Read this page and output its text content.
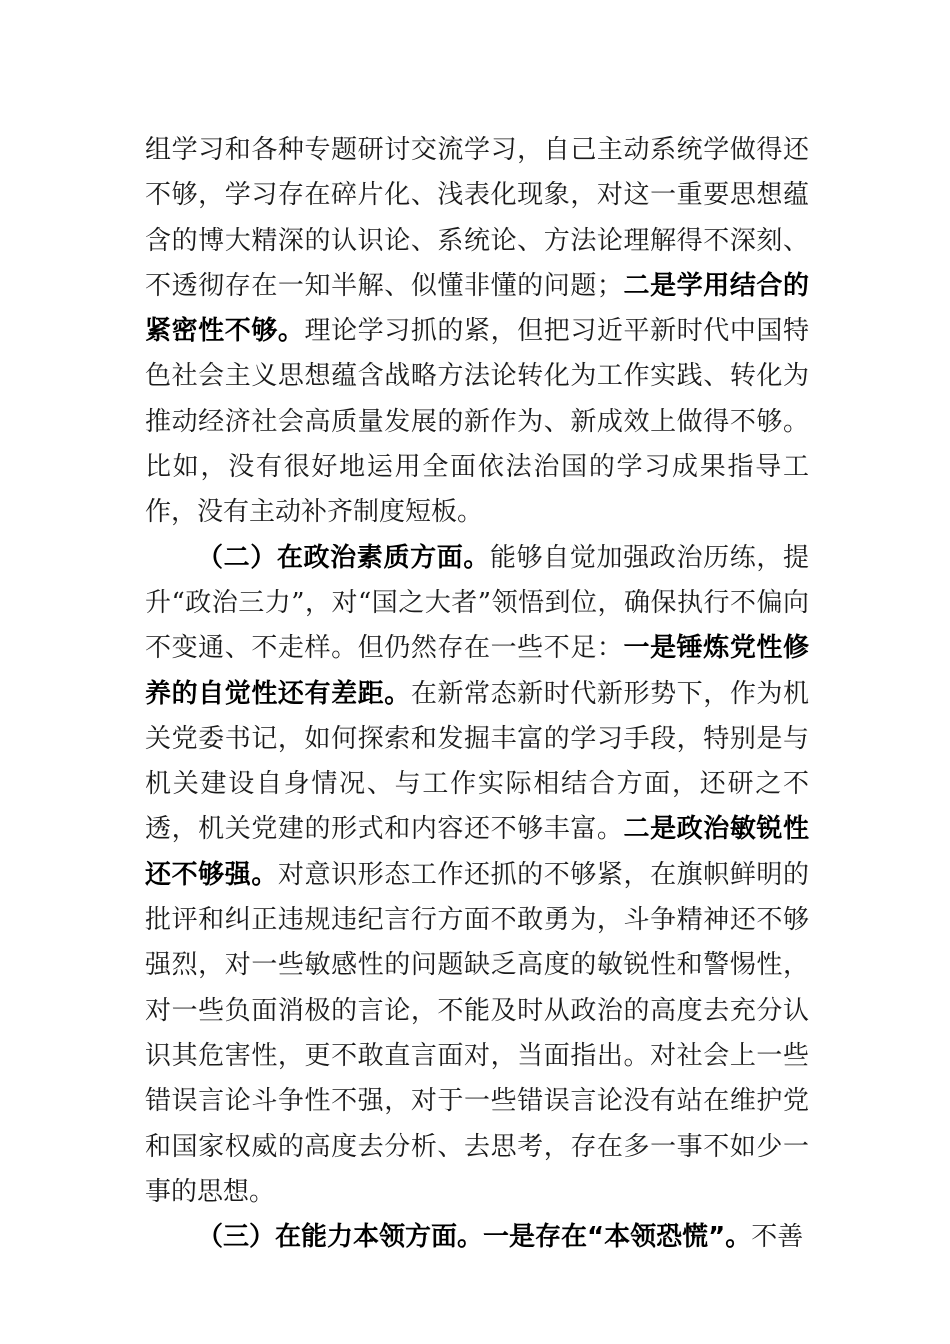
组学习和各种专题研讨交流学习，自己主动系统学做得还不够，学习存在碎片化、浅表化现象，对这一重要思想蕴含的博大精深的认识论、系统论、方法论理解得不深刻、不透彻存在一知半解、似懂非懂的问题；二是学用结合的紧密性不够。理论学习抓的紧，但把习近平新时代中国特色社会主义思想蕴含战略方法论转化为工作实践、转化为推动经济社会高质量发展的新作为、新成效上做得不够。比如，没有很好地运用全面依法治国的学习成果指导工作，没有主动补齐制度短板。

（二）在政治素质方面。能够自觉加强政治历练，提升“政治三力”，对“国之大者”领悟到位，确保执行不偏向不变通、不走样。但仍然存在一些不足：一是锤炼党性修养的自觉性还有差距。在新常态新时代新形势下，作为机关党委书记，如何探索和发掘丰富的学习手段，特别是与机关建设自身情况、与工作实际相结合方面，还研之不透，机关党建的形式和内容还不够丰富。二是政治敏锐性还不够强。对意识形态工作还抓的不够紧，在旗帜鲜明的批评和纠正违规违纪言行方面不敢勇为，斗争精神还不够强烈，对一些敏感性的问题缺乏高度的敏锐性和警惕性，对一些负面消极的言论，不能及时从政治的高度去充分认识其危害性，更不敢直言面对，当面指出。对社会上一些错误言论斗争性不强，对于一些错误言论没有站在维护党和国家权威的高度去分析、去思考，存在多一事不如少一事的思想。

（三）在能力本领方面。一是存在“本领恐慌”。不善
